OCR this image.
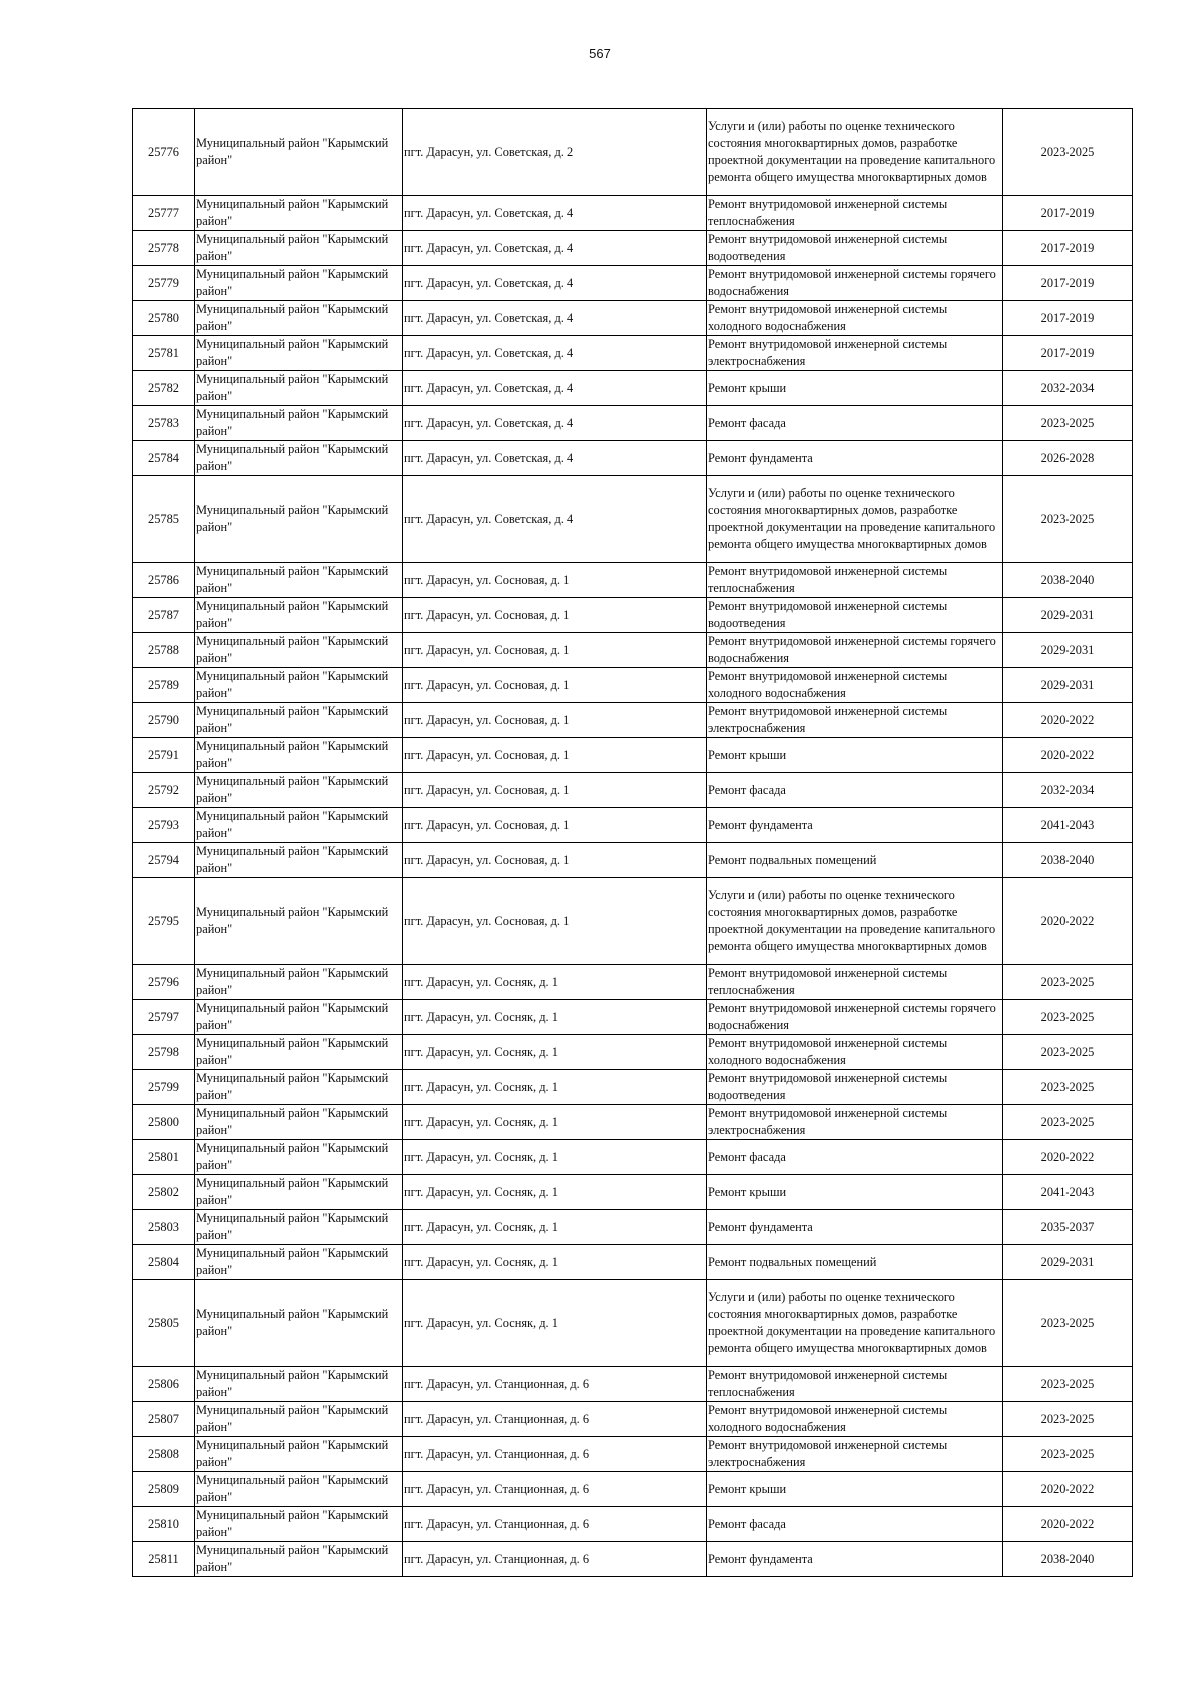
567
25776	Муниципальный район "Карымский район"	пгт. Дарасун, ул. Советская, д. 2	Услуги и (или) работы по оценке технического состояния многоквартирных домов, разработке проектной документации на проведение капитального ремонта общего имущества многоквартирных домов	2023-2025
25777	Муниципальный район "Карымский район"	пгт. Дарасун, ул. Советская, д. 4	Ремонт внутридомовой инженерной системы теплоснабжения	2017-2019
25778	Муниципальный район "Карымский район"	пгт. Дарасун, ул. Советская, д. 4	Ремонт внутридомовой инженерной системы водоотведения	2017-2019
25779	Муниципальный район "Карымский район"	пгт. Дарасун, ул. Советская, д. 4	Ремонт внутридомовой инженерной системы горячего водоснабжения	2017-2019
25780	Муниципальный район "Карымский район"	пгт. Дарасун, ул. Советская, д. 4	Ремонт внутридомовой инженерной системы холодного водоснабжения	2017-2019
25781	Муниципальный район "Карымский район"	пгт. Дарасун, ул. Советская, д. 4	Ремонт внутридомовой инженерной системы электроснабжения	2017-2019
25782	Муниципальный район "Карымский район"	пгт. Дарасун, ул. Советская, д. 4	Ремонт крыши	2032-2034
25783	Муниципальный район "Карымский район"	пгт. Дарасун, ул. Советская, д. 4	Ремонт фасада	2023-2025
25784	Муниципальный район "Карымский район"	пгт. Дарасун, ул. Советская, д. 4	Ремонт фундамента	2026-2028
25785	Муниципальный район "Карымский район"	пгт. Дарасун, ул. Советская, д. 4	Услуги и (или) работы по оценке технического состояния многоквартирных домов, разработке проектной документации на проведение капитального ремонта общего имущества многоквартирных домов	2023-2025
25786	Муниципальный район "Карымский район"	пгт. Дарасун, ул. Сосновая, д. 1	Ремонт внутридомовой инженерной системы теплоснабжения	2038-2040
25787	Муниципальный район "Карымский район"	пгт. Дарасун, ул. Сосновая, д. 1	Ремонт внутридомовой инженерной системы водоотведения	2029-2031
25788	Муниципальный район "Карымский район"	пгт. Дарасун, ул. Сосновая, д. 1	Ремонт внутридомовой инженерной системы горячего водоснабжения	2029-2031
25789	Муниципальный район "Карымский район"	пгт. Дарасун, ул. Сосновая, д. 1	Ремонт внутридомовой инженерной системы холодного водоснабжения	2029-2031
25790	Муниципальный район "Карымский район"	пгт. Дарасун, ул. Сосновая, д. 1	Ремонт внутридомовой инженерной системы электроснабжения	2020-2022
25791	Муниципальный район "Карымский район"	пгт. Дарасун, ул. Сосновая, д. 1	Ремонт крыши	2020-2022
25792	Муниципальный район "Карымский район"	пгт. Дарасун, ул. Сосновая, д. 1	Ремонт фасада	2032-2034
25793	Муниципальный район "Карымский район"	пгт. Дарасун, ул. Сосновая, д. 1	Ремонт фундамента	2041-2043
25794	Муниципальный район "Карымский район"	пгт. Дарасун, ул. Сосновая, д. 1	Ремонт подвальных помещений	2038-2040
25795	Муниципальный район "Карымский район"	пгт. Дарасун, ул. Сосновая, д. 1	Услуги и (или) работы по оценке технического состояния многоквартирных домов, разработке проектной документации на проведение капитального ремонта общего имущества многоквартирных домов	2020-2022
25796	Муниципальный район "Карымский район"	пгт. Дарасун, ул. Сосняк, д. 1	Ремонт внутридомовой инженерной системы теплоснабжения	2023-2025
25797	Муниципальный район "Карымский район"	пгт. Дарасун, ул. Сосняк, д. 1	Ремонт внутридомовой инженерной системы горячего водоснабжения	2023-2025
25798	Муниципальный район "Карымский район"	пгт. Дарасун, ул. Сосняк, д. 1	Ремонт внутридомовой инженерной системы холодного водоснабжения	2023-2025
25799	Муниципальный район "Карымский район"	пгт. Дарасун, ул. Сосняк, д. 1	Ремонт внутридомовой инженерной системы водоотведения	2023-2025
25800	Муниципальный район "Карымский район"	пгт. Дарасун, ул. Сосняк, д. 1	Ремонт внутридомовой инженерной системы электроснабжения	2023-2025
25801	Муниципальный район "Карымский район"	пгт. Дарасун, ул. Сосняк, д. 1	Ремонт фасада	2020-2022
25802	Муниципальный район "Карымский район"	пгт. Дарасун, ул. Сосняк, д. 1	Ремонт крыши	2041-2043
25803	Муниципальный район "Карымский район"	пгт. Дарасун, ул. Сосняк, д. 1	Ремонт фундамента	2035-2037
25804	Муниципальный район "Карымский район"	пгт. Дарасун, ул. Сосняк, д. 1	Ремонт подвальных помещений	2029-2031
25805	Муниципальный район "Карымский район"	пгт. Дарасун, ул. Сосняк, д. 1	Услуги и (или) работы по оценке технического состояния многоквартирных домов, разработке проектной документации на проведение капитального ремонта общего имущества многоквартирных домов	2023-2025
25806	Муниципальный район "Карымский район"	пгт. Дарасун, ул. Станционная, д. 6	Ремонт внутридомовой инженерной системы теплоснабжения	2023-2025
25807	Муниципальный район "Карымский район"	пгт. Дарасун, ул. Станционная, д. 6	Ремонт внутридомовой инженерной системы холодного водоснабжения	2023-2025
25808	Муниципальный район "Карымский район"	пгт. Дарасун, ул. Станционная, д. 6	Ремонт внутридомовой инженерной системы электроснабжения	2023-2025
25809	Муниципальный район "Карымский район"	пгт. Дарасун, ул. Станционная, д. 6	Ремонт крыши	2020-2022
25810	Муниципальный район "Карымский район"	пгт. Дарасун, ул. Станционная, д. 6	Ремонт фасада	2020-2022
25811	Муниципальный район "Карымский район"	пгт. Дарасун, ул. Станционная, д. 6	Ремонт фундамента	2038-2040
